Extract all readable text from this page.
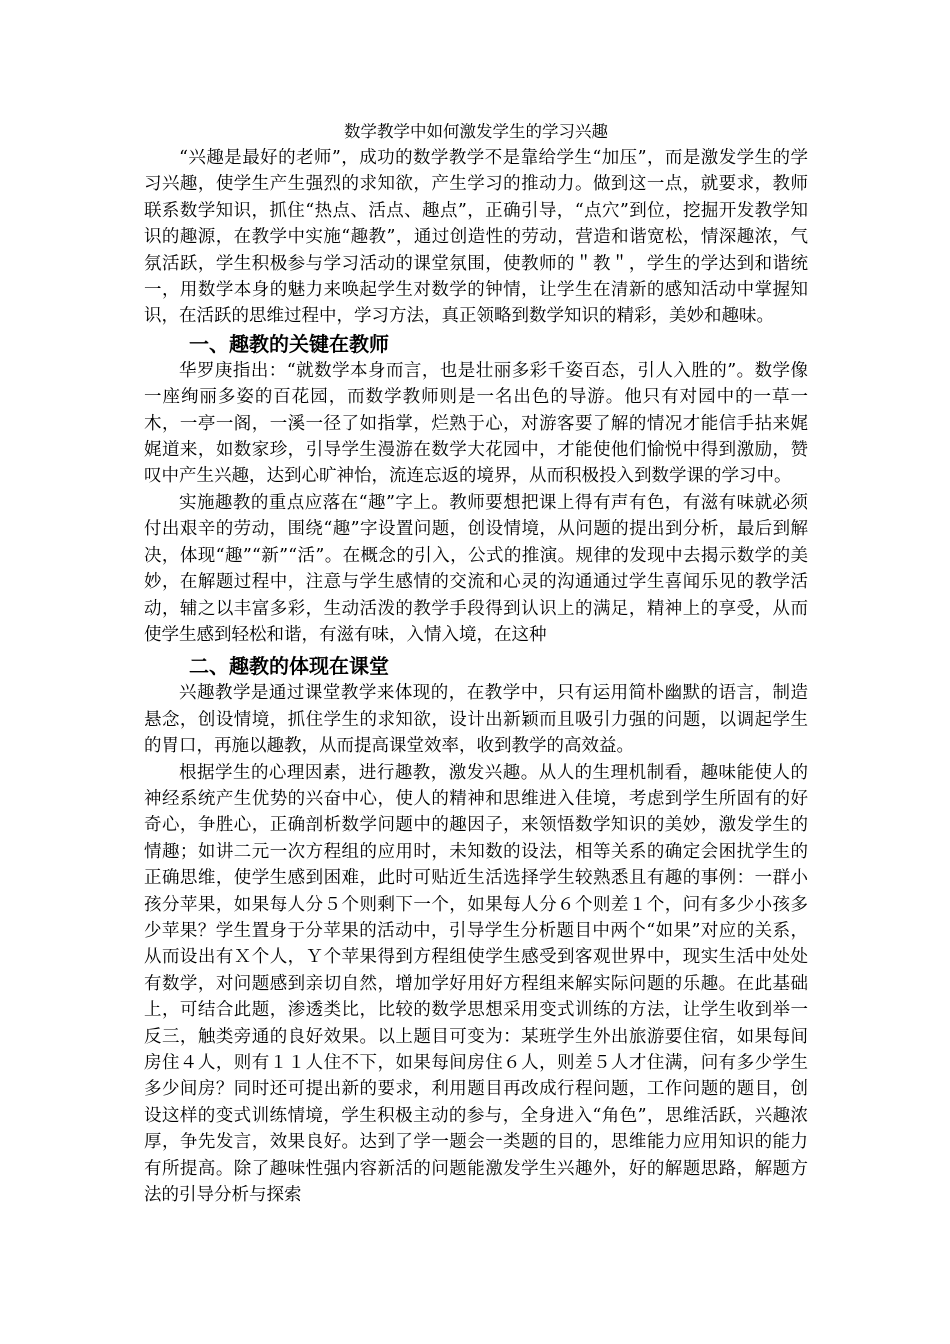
数学教学中如何激发学生的学习兴趣

“兴趣是最好的老师”，成功的数学教学不是靠给学生“加压”，而是激发学生的学习兴趣，使学生产生强烈的求知欲，产生学习的推动力。做到这一点，就要求，教师联系数学知识，抓住“热点、活点、趣点”，正确引导，“点穴”到位，挖掘开发教学知识的趣源，在教学中实施“趣教”，通过创造性的劳动，营造和谐宽松，情深趣浓，气氛活跃，学生积极参与学习活动的课堂氛围，使教师的＂教＂，学生的学达到和谐统一，用数学本身的魅力来唤起学生对数学的钟情，让学生在清新的感知活动中掌握知识，在活跃的思维过程中，学习方法，真正领略到数学知识的精彩，美妙和趣味。

一、趣教的关键在教师

华罗庚指出：“就数学本身而言，也是壮丽多彩千姿百态，引人入胜的”。数学像一座绚丽多姿的百花园，而数学教师则是一名出色的导游。他只有对园中的一草一木，一亭一阁，一溪一径了如指掌，烂熟于心，对游客要了解的情况才能信手拈来娓娓道来，如数家珍，引导学生漫游在数学大花园中，才能使他们愉悦中得到激励，赞叹中产生兴趣，达到心旷神怡，流连忘返的境界，从而积极投入到数学课的学习中。

实施趣教的重点应落在“趣”字上。教师要想把课上得有声有色，有滋有味就必须付出艰辛的劳动，围绕“趣”字设置问题，创设情境，从问题的提出到分析，最后到解决，体现“趣”“新”“活”。在概念的引入，公式的推演。规律的发现中去揭示数学的美妙，在解题过程中，注意与学生感情的交流和心灵的沟通通过学生喜闻乐见的教学活动，辅之以丰富多彩，生动活泼的教学手段得到认识上的满足，精神上的享受，从而使学生感到轻松和谐，有滋有味，入情入境，在这种

二、趣教的体现在课堂

兴趣教学是通过课堂教学来体现的，在教学中，只有运用简朴幽默的语言，制造悬念，创设情境，抓住学生的求知欲，设计出新颖而且吸引力强的问题，以调起学生的胃口，再施以趣教，从而提高课堂效率，收到教学的高效益。

根据学生的心理因素，进行趣教，激发兴趣。从人的生理机制看，趣味能使人的神经系统产生优势的兴奋中心，使人的精神和思维进入佳境，考虑到学生所固有的好奇心，争胜心，正确剖析数学问题中的趣因子，来领悟数学知识的美妙，激发学生的情趣；如讲二元一次方程组的应用时，未知数的设法，相等关系的确定会困扰学生的正确思维，使学生感到困难，此时可贴近生活选择学生较熟悉且有趣的事例：一群小孩分苹果，如果每人分５个则剩下一个，如果每人分６个则差１个，问有多少小孩多少苹果？学生置身于分苹果的活动中，引导学生分析题目中两个“如果”对应的关系，从而设出有Ｘ个人，Ｙ个苹果得到方程组使学生感受到客观世界中，现实生活中处处有数学，对问题感到亲切自然，增加学好用好方程组来解实际问题的乐趣。在此基础上，可结合此题，渗透类比，比较的数学思想采用变式训练的方法，让学生收到举一反三，触类旁通的良好效果。以上题目可变为：某班学生外出旅游要住宿，如果每间房住４人，则有１１人住不下，如果每间房住６人，则差５人才住满，问有多少学生多少间房？同时还可提出新的要求，利用题目再改成行程问题，工作问题的题目，创设这样的变式训练情境，学生积极主动的参与，全身进入“角色”，思维活跃，兴趣浓厚，争先发言，效果良好。达到了学一题会一类题的目的，思维能力应用知识的能力有所提高。除了趣味性强内容新活的问题能激发学生兴趣外，好的解题思路，解题方法的引导分析与探索
